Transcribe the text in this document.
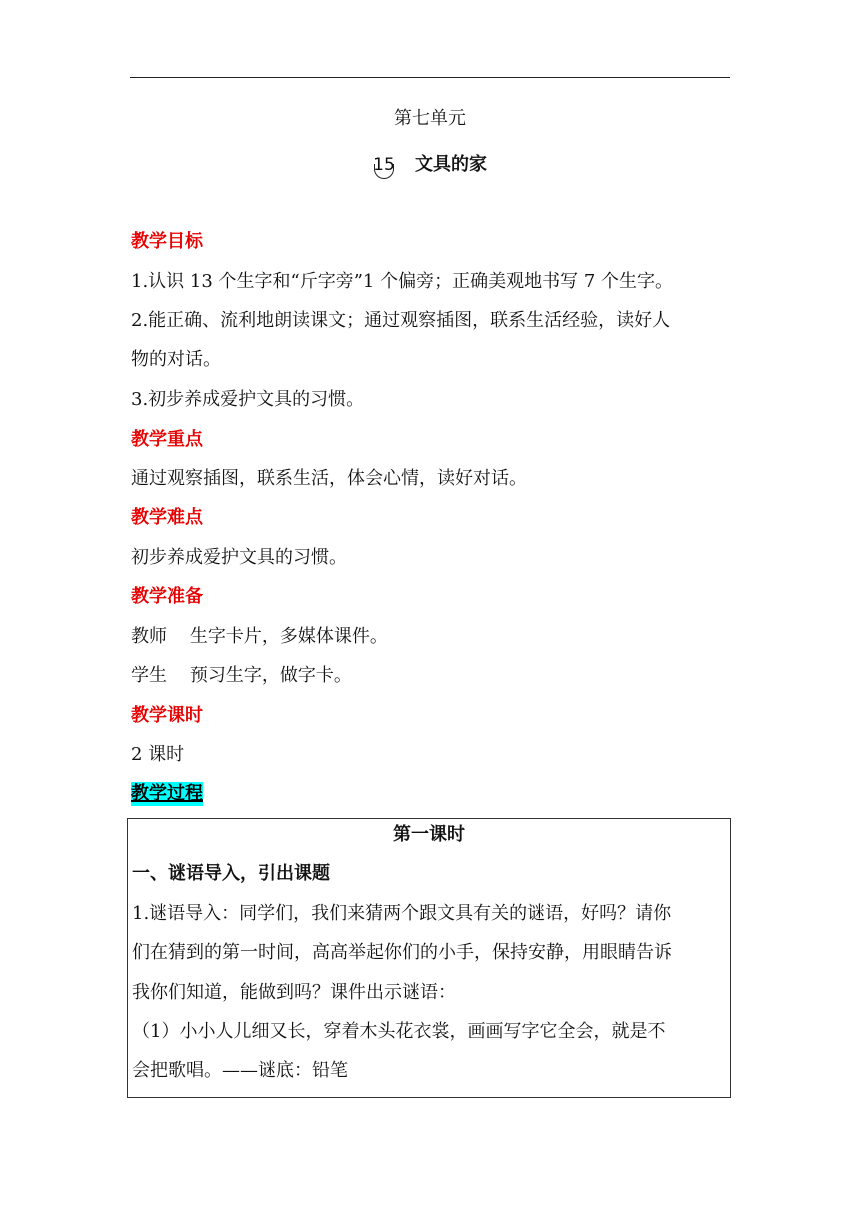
第七单元
15 文具的家
教学目标
1.认识 13 个生字和“斤字旁”1 个偏旁；正确美观地书写 7 个生字。
2.能正确、流利地朗读课文；通过观察插图，联系生活经验，读好人
物的对话。
3.初步养成爱护文具的习惯。
教学重点
通过观察插图，联系生活，体会心情，读好对话。
教学难点
初步养成爱护文具的习惯。
教学准备
教师    生字卡片，多媒体课件。
学生    预习生字，做字卡。
教学课时
2 课时
教学过程
第一课时
一、谜语导入，引出课题
1.谜语导入：同学们，我们来猜两个跟文具有关的谜语，好吗？请你
们在猜到的第一时间，高高举起你们的小手，保持安静，用眼睛告诉
我你们知道，能做到吗？课件出示谜语：
（1）小小人儿细又长，穿着木头花衣裳，画画写字它全会，就是不
会把歌唱。——谜底：铅笔
